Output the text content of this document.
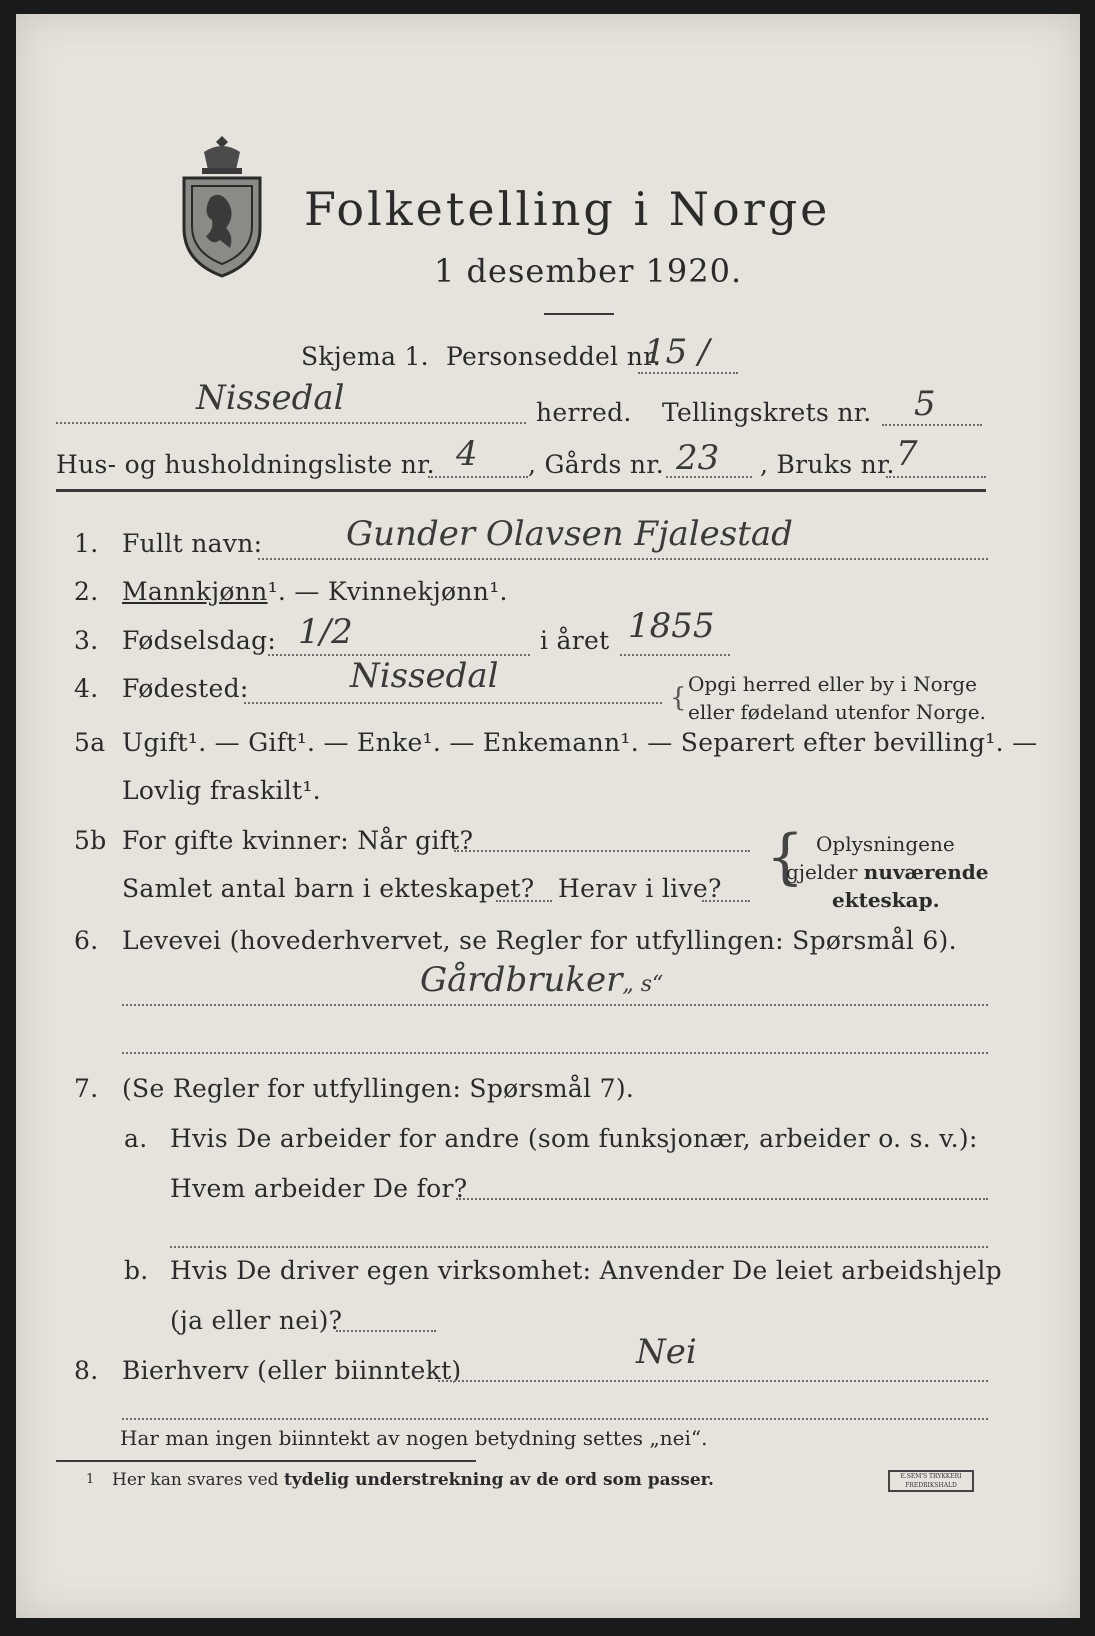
Folketelling i Norge
1 desember 1920.
Skjema 1. Personseddel nr.
15 /
Nissedal	herred. Tellingskrets nr. 5
Hus- og husholdningsliste nr. 4 , Gårds nr. 23 , Bruks nr. 7
1. Fullt navn: Gunder Olavsen Fjalestad
2. Mannkjønn¹. — Kvinnekjønn¹.
3. Fødselsdag: 1/2	i året 1855
4. Fødested:	Nissedal
{ Opgi herred eller by i Norge
eller fødeland utenfor Norge.
5a Ugift¹. — Gift¹. — Enke¹. — Enkemann¹. — Separert efter bevilling¹. —
Lovlig fraskilt¹.
5b For gifte kvinner: Når gift?
Samlet antal barn i ekteskapet? Herav i live? { Oplysningene
gjelder nuværende
ekteskap.
6. Levevei (hovederhvervet, se Regler for utfyllingen: Spørsmål 6).
Gårdbruker„ s“
7. (Se Regler for utfyllingen: Spørsmål 7).
a. Hvis De arbeider for andre (som funksjonær, arbeider o. s. v.):
Hvem arbeider De for?
b. Hvis De driver egen virksomhet: Anvender De leiet arbeidshjelp
(ja eller nei)?
8. Bierhverv (eller biinntekt)	Nei
Har man ingen biinntekt av nogen betydning settes „nei“.
1 Her kan svares ved tydelig understrekning av de ord som passer.	E.SEM'S TRYKKERI FREDRIKSHALD
